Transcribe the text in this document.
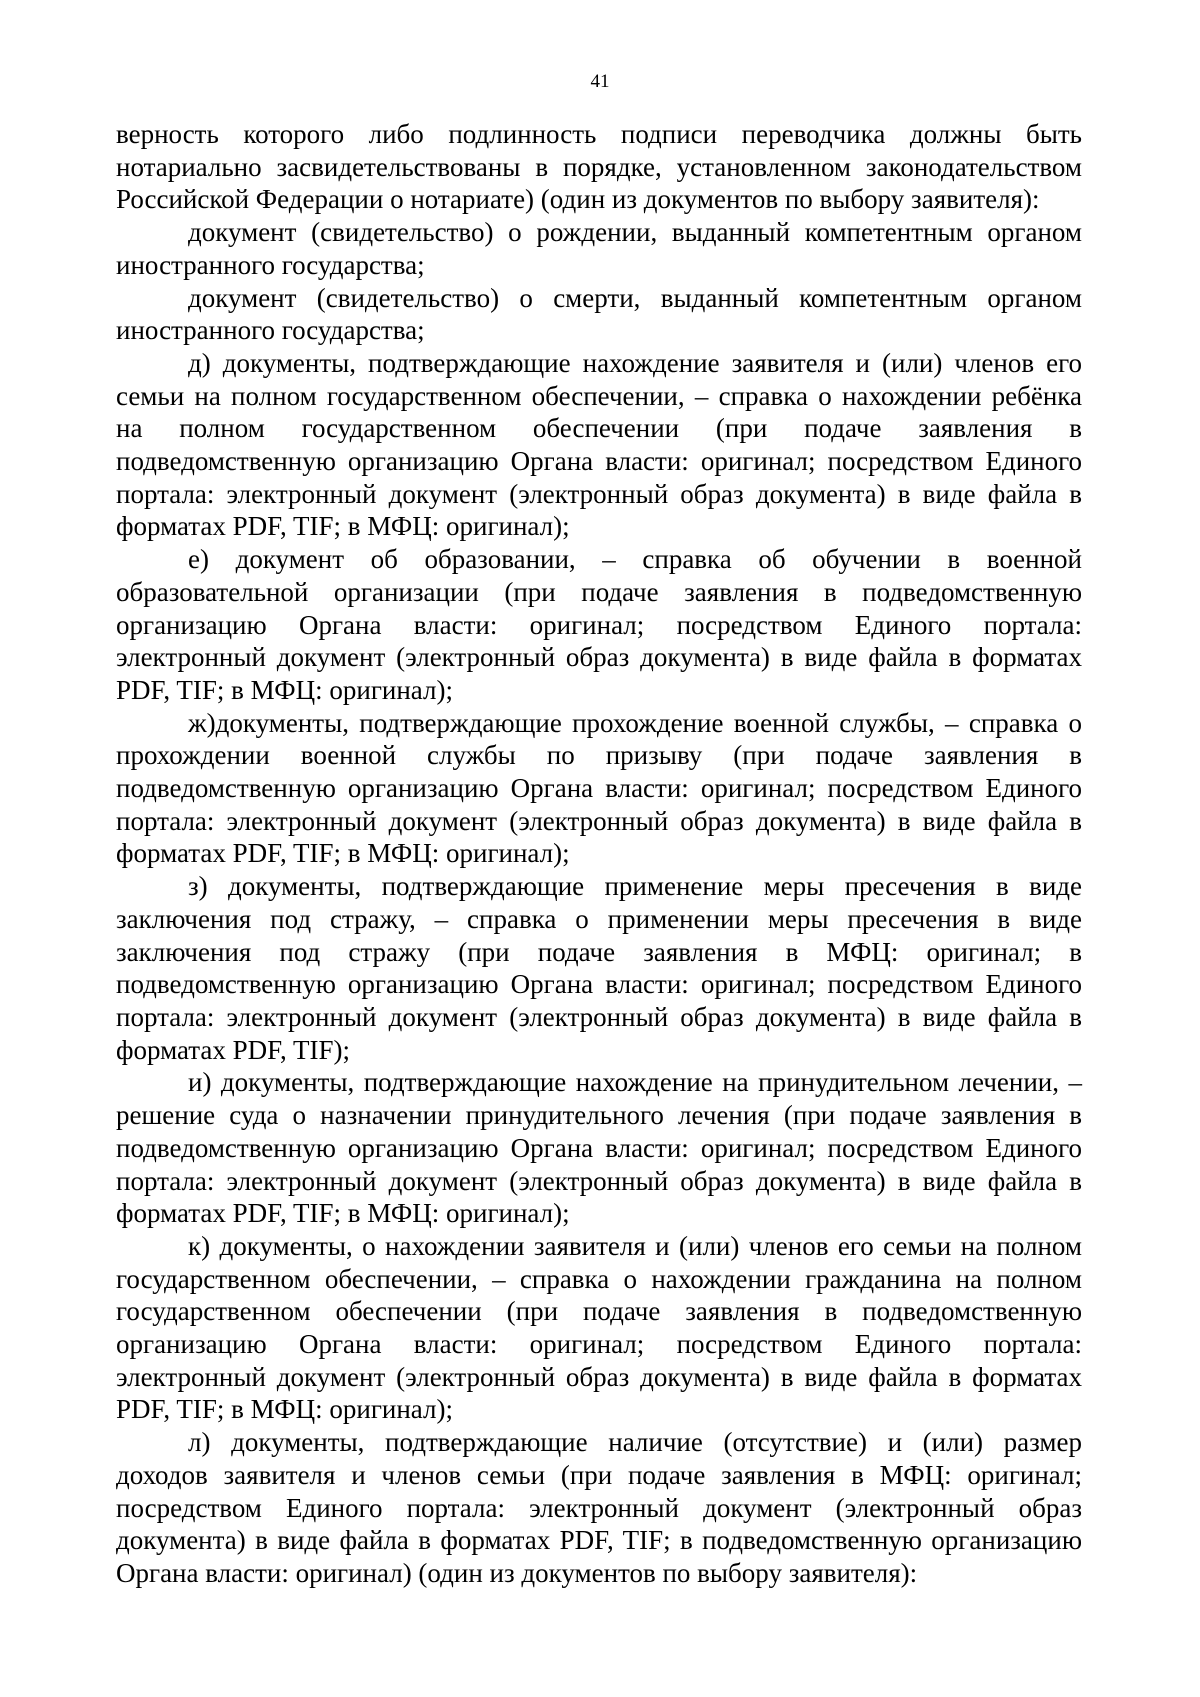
41

верность которого либо подлинность подписи переводчика должны быть нотариально засвидетельствованы в порядке, установленном законодательством Российской Федерации о нотариате) (один из документов по выбору заявителя):

документ (свидетельство) о рождении, выданный компетентным органом иностранного государства;

документ (свидетельство) о смерти, выданный компетентным органом иностранного государства;

д) документы, подтверждающие нахождение заявителя и (или) членов его семьи на полном государственном обеспечении, – справка о нахождении ребёнка на полном государственном обеспечении (при подаче заявления в подведомственную организацию Органа власти: оригинал; посредством Единого портала: электронный документ (электронный образ документа) в виде файла в форматах PDF, TIF; в МФЦ: оригинал);

е) документ об образовании, – справка об обучении в военной образовательной организации (при подаче заявления в подведомственную организацию Органа власти: оригинал; посредством Единого портала: электронный документ (электронный образ документа) в виде файла в форматах PDF, TIF; в МФЦ: оригинал);

ж)документы, подтверждающие прохождение военной службы, – справка о прохождении военной службы по призыву (при подаче заявления в подведомственную организацию Органа власти: оригинал; посредством Единого портала: электронный документ (электронный образ документа) в виде файла в форматах PDF, TIF; в МФЦ: оригинал);

з) документы, подтверждающие применение меры пресечения в виде заключения под стражу, – справка о применении меры пресечения в виде заключения под стражу (при подаче заявления в МФЦ: оригинал; в подведомственную организацию Органа власти: оригинал; посредством Единого портала: электронный документ (электронный образ документа) в виде файла в форматах PDF, TIF);

и) документы, подтверждающие нахождение на принудительном лечении, – решение суда о назначении принудительного лечения (при подаче заявления в подведомственную организацию Органа власти: оригинал; посредством Единого портала: электронный документ (электронный образ документа) в виде файла в форматах PDF, TIF; в МФЦ: оригинал);

к) документы, о нахождении заявителя и (или) членов его семьи на полном государственном обеспечении, – справка о нахождении гражданина на полном государственном обеспечении (при подаче заявления в подведомственную организацию Органа власти: оригинал; посредством Единого портала: электронный документ (электронный образ документа) в виде файла в форматах PDF, TIF; в МФЦ: оригинал);

л) документы, подтверждающие наличие (отсутствие) и (или) размер доходов заявителя и членов семьи (при подаче заявления в МФЦ: оригинал; посредством Единого портала: электронный документ (электронный образ документа) в виде файла в форматах PDF, TIF; в подведомственную организацию Органа власти: оригинал) (один из документов по выбору заявителя):
